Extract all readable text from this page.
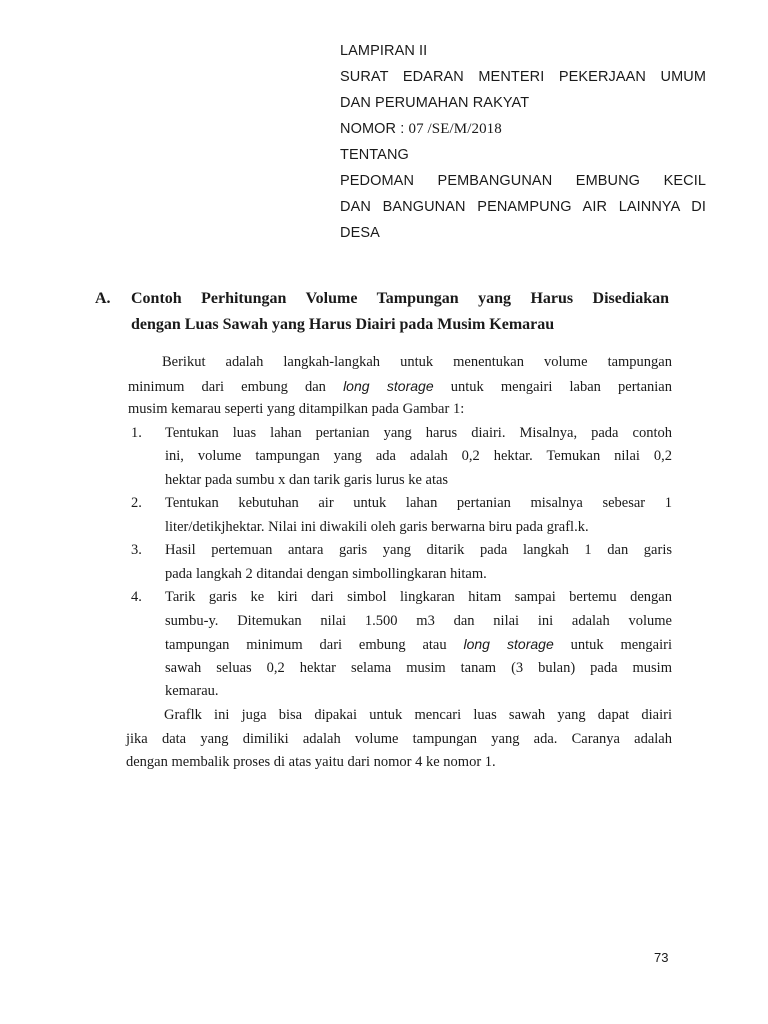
LAMPIRAN II
SURAT EDARAN MENTERI PEKERJAAN UMUM
DAN PERUMAHAN RAKYAT
NOMOR : 07 /SE/M/2018
TENTANG
PEDOMAN PEMBANGUNAN EMBUNG KECIL
DAN BANGUNAN PENAMPUNG AIR LAINNYA DI
DESA
A. Contoh Perhitungan Volume Tampungan yang Harus Disediakan
dengan Luas Sawah yang Harus Diairi pada Musim Kemarau
Berikut adalah langkah-langkah untuk menentukan volume tampungan
minimum dari embung dan long storage untuk mengairi laban pertanian
musim kemarau seperti yang ditampilkan pada Gambar 1:
1. Tentukan luas lahan pertanian yang harus diairi. Misalnya, pada contoh
ini, volume tampungan yang ada adalah 0,2 hektar. Temukan nilai 0,2
hektar pada sumbu x dan tarik garis lurus ke atas
2. Tentukan kebutuhan air untuk lahan pertanian misalnya sebesar 1
liter/detikjhektar. Nilai ini diwakili oleh garis berwarna biru pada grafl.k.
3. Hasil pertemuan antara garis yang ditarik pada langkah 1 dan garis
pada langkah 2 ditandai dengan simbollingkaran hitam.
4. Tarik garis ke kiri dari simbol lingkaran hitam sampai bertemu dengan
sumbu-y. Ditemukan nilai 1.500 m3 dan nilai ini adalah volume
tampungan minimum dari embung atau long storage untuk mengairi
sawah seluas 0,2 hektar selama musim tanam (3 bulan) pada musim
kemarau.
Graflk ini juga bisa dipakai untuk mencari luas sawah yang dapat diairi
jika data yang dimiliki adalah volume tampungan yang ada. Caranya adalah
dengan membalik proses di atas yaitu dari nomor 4 ke nomor 1.
73
